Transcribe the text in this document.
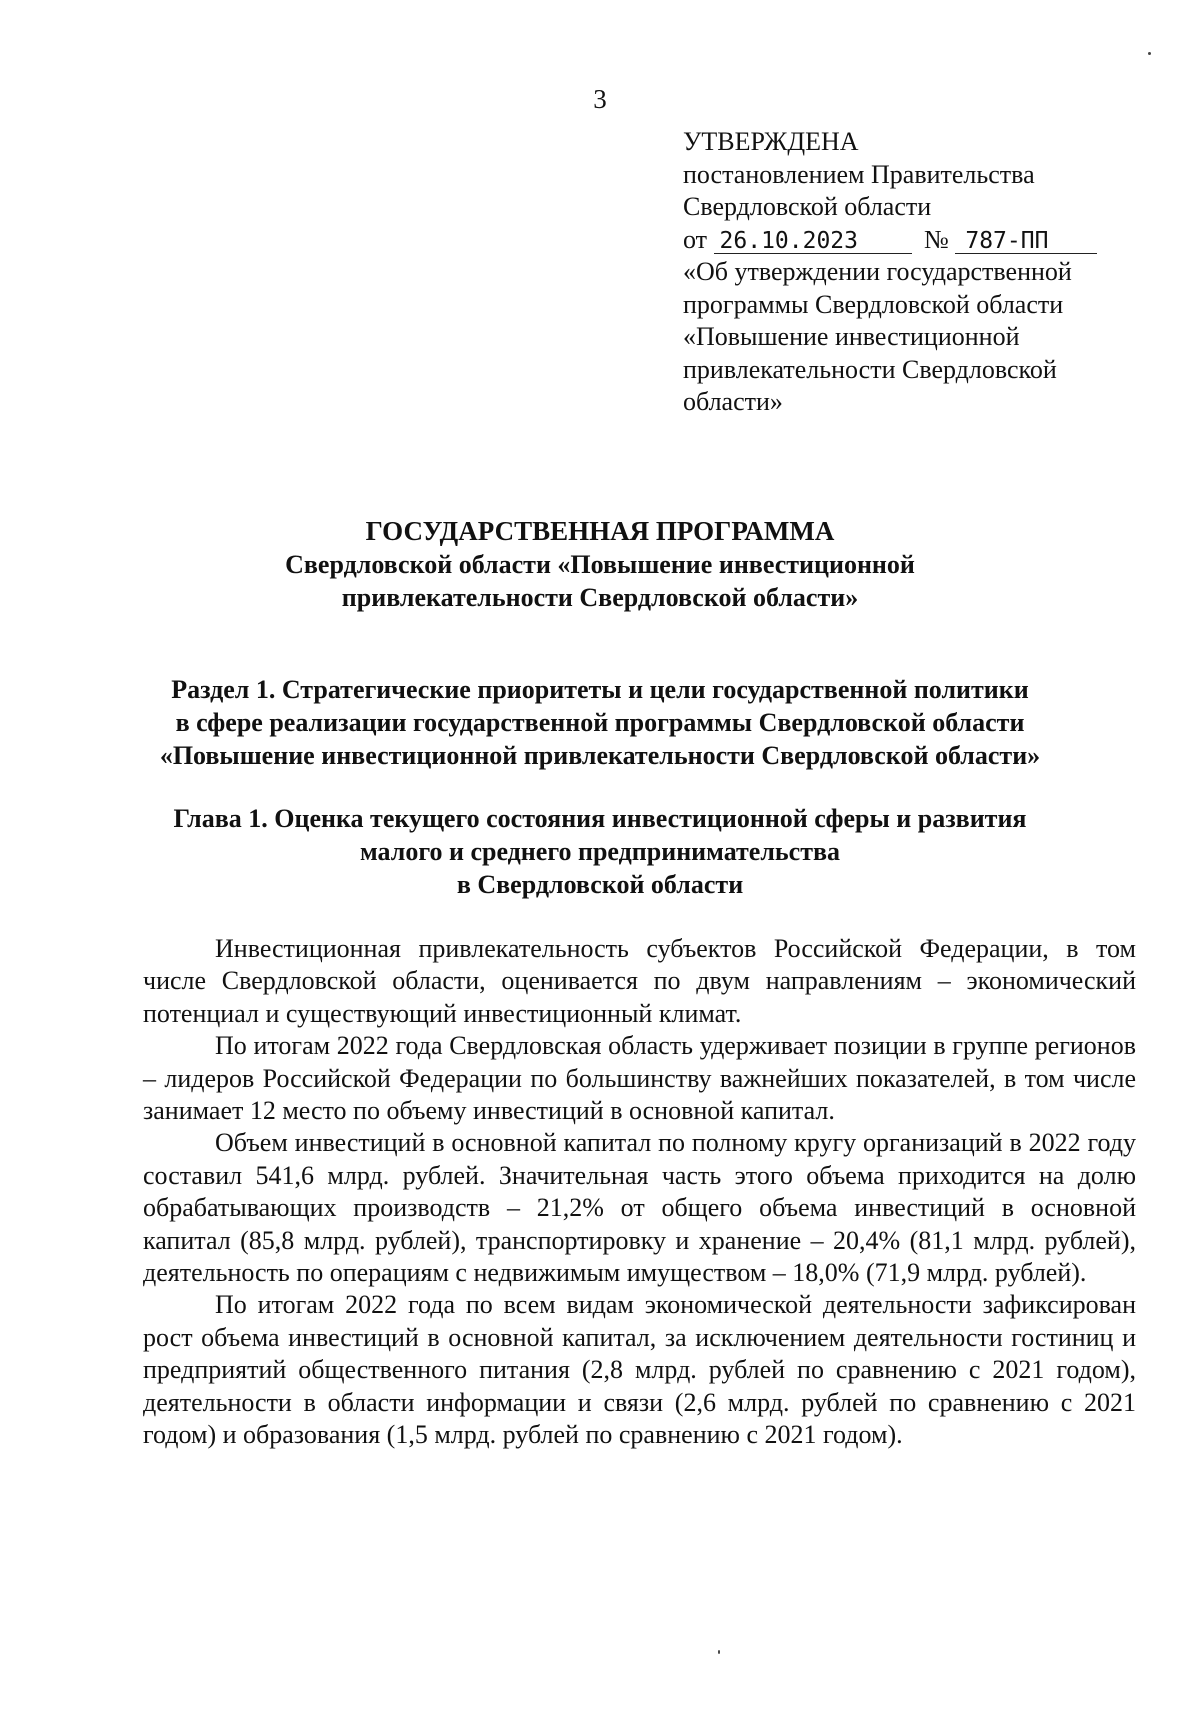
3
УТВЕРЖДЕНА
постановлением Правительства
Свердловской области
от 26.10.2023	№ 787-ПП
«Об утверждении государственной
программы Свердловской области
«Повышение инвестиционной
привлекательности Свердловской
области»
ГОСУДАРСТВЕННАЯ ПРОГРАММА
Свердловской области «Повышение инвестиционной
привлекательности Свердловской области»
Раздел 1. Стратегические приоритеты и цели государственной политики
в сфере реализации государственной программы Свердловской области
«Повышение инвестиционной привлекательности Свердловской области»
Глава 1. Оценка текущего состояния инвестиционной сферы и развития
малого и среднего предпринимательства
в Свердловской области

Инвестиционная привлекательность субъектов Российской Федерации, в том числе Свердловской области, оценивается по двум направлениям – экономический потенциал и существующий инвестиционный климат.

По итогам 2022 года Свердловская область удерживает позиции в группе регионов – лидеров Российской Федерации по большинству важнейших показателей, в том числе занимает 12 место по объему инвестиций в основной капитал.

Объем инвестиций в основной капитал по полному кругу организаций в 2022 году составил 541,6 млрд. рублей. Значительная часть этого объема приходится на долю обрабатывающих производств – 21,2% от общего объема инвестиций в основной капитал (85,8 млрд. рублей), транспортировку и хранение – 20,4% (81,1 млрд. рублей), деятельность по операциям с недвижимым имуществом – 18,0% (71,9 млрд. рублей).

По итогам 2022 года по всем видам экономической деятельности зафиксирован рост объема инвестиций в основной капитал, за исключением деятельности гостиниц и предприятий общественного питания (2,8 млрд. рублей по сравнению с 2021 годом), деятельности в области информации и связи (2,6 млрд. рублей по сравнению с 2021 годом) и образования (1,5 млрд. рублей по сравнению с 2021 годом).
